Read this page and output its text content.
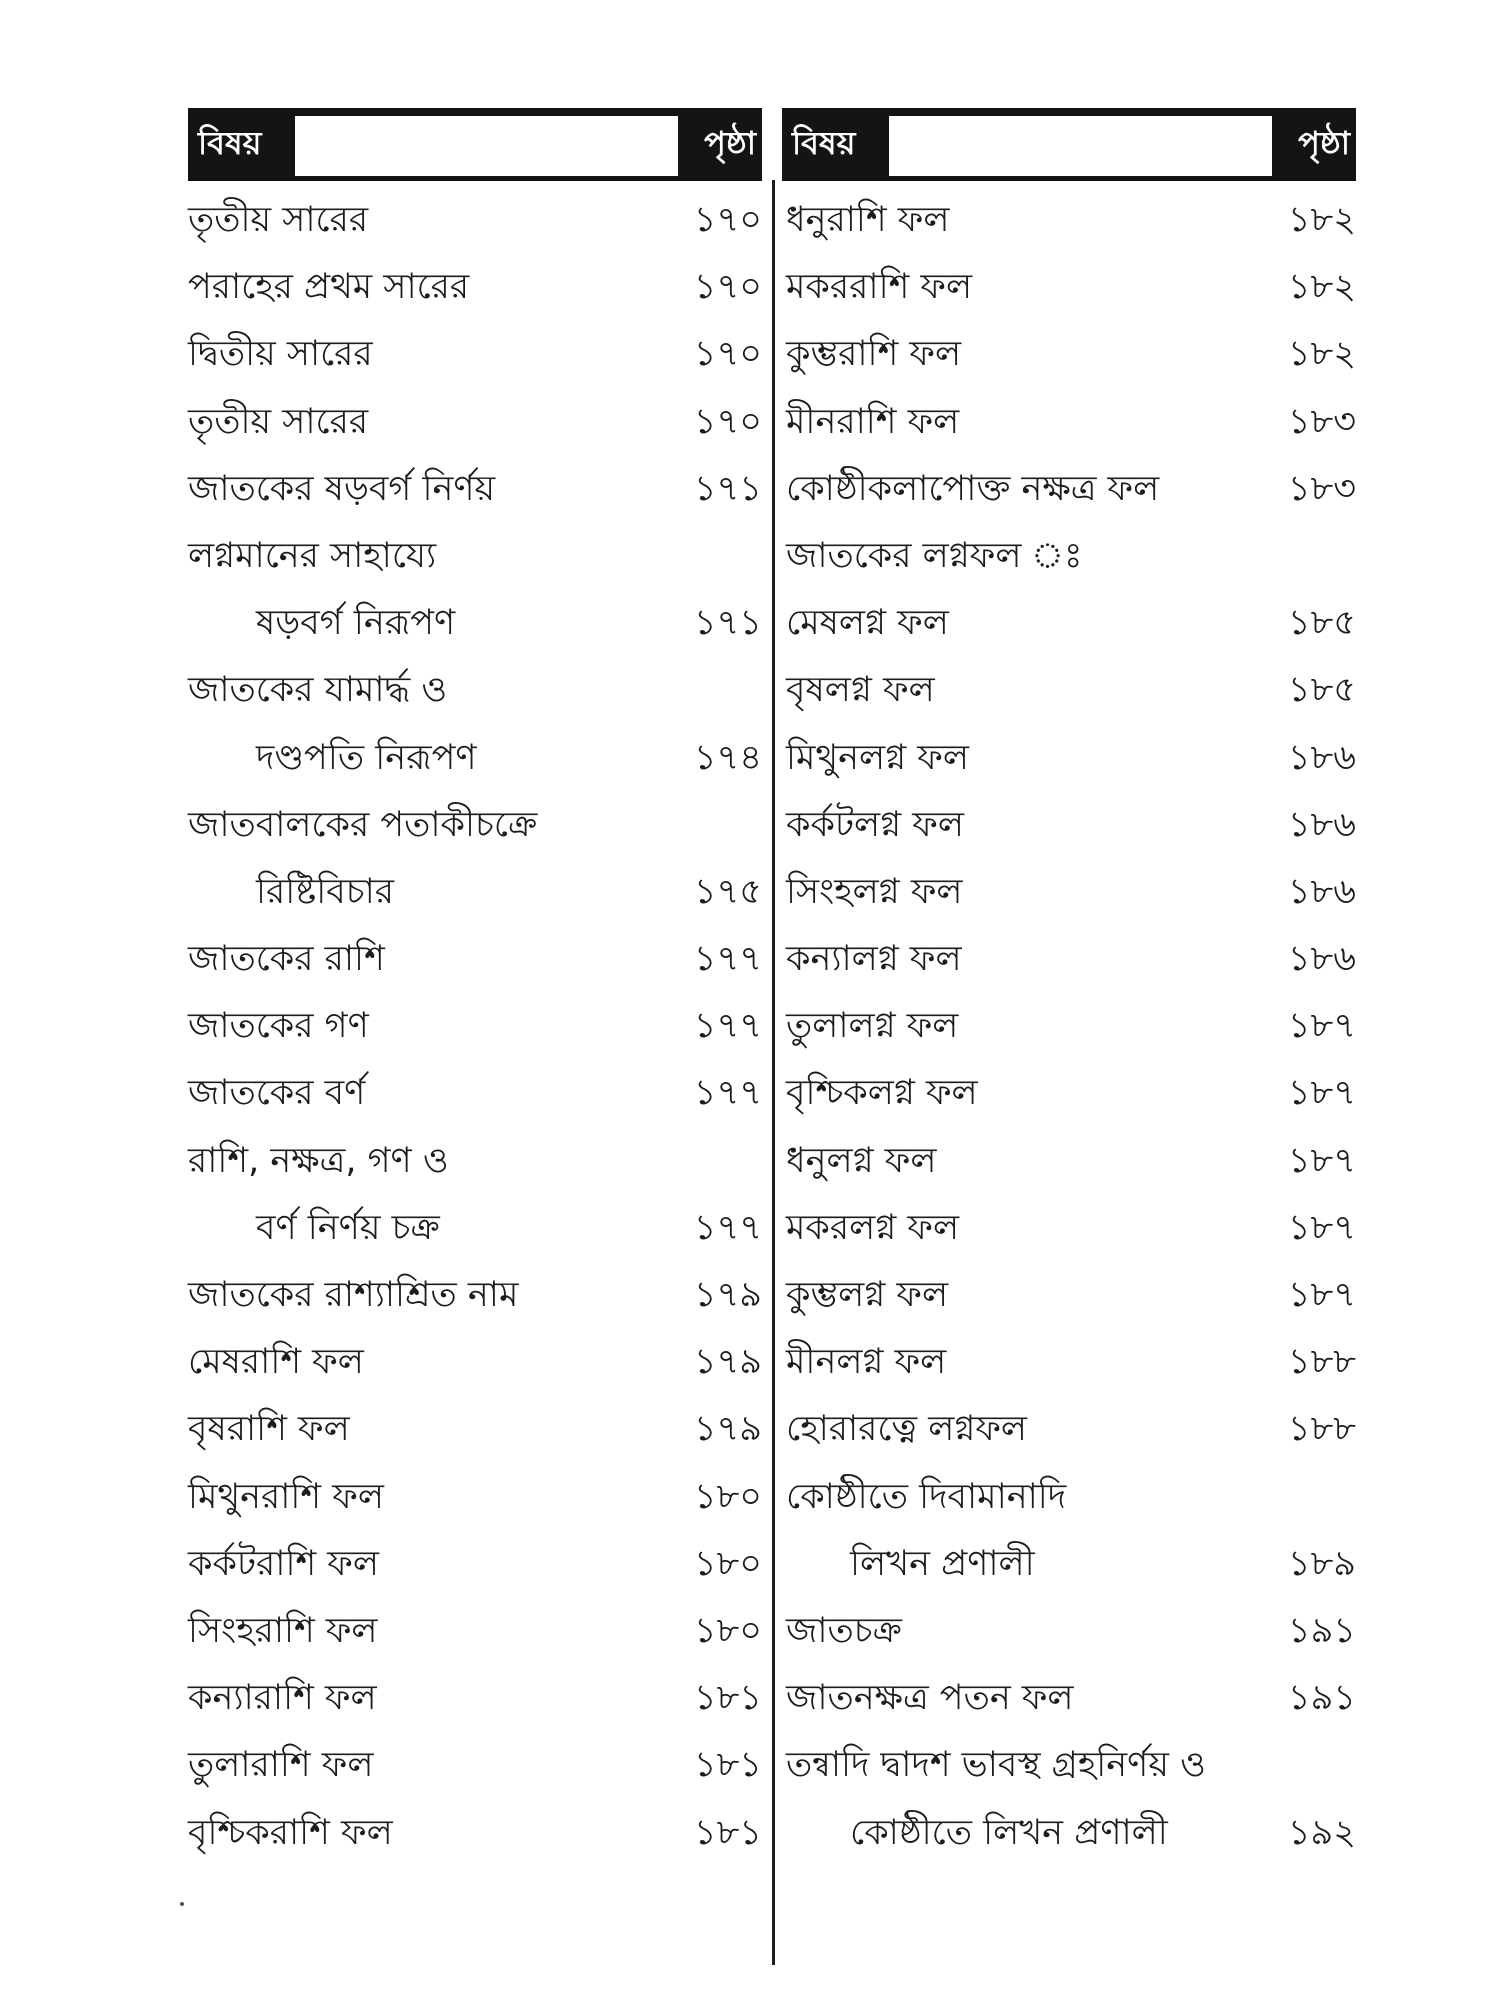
বিষয়	পৃষ্ঠা
তৃতীয় সারের	১৭০
পরাহের প্রথম সারের	১৭০
দ্বিতীয় সারের	১৭০
তৃতীয় সারের	১৭০
জাতকের ষড়বর্গ নির্ণয়	১৭১
লগ্নমানের সাহায্যে
ষড়বর্গ নিরূপণ	১৭১
জাতকের যামার্দ্ধ ও
দণ্ডপতি নিরূপণ	১৭৪
জাতবালকের পতাকীচক্রে
রিষ্টিবিচার	১৭৫
জাতকের রাশি	১৭৭
জাতকের গণ	১৭৭
জাতকের বর্ণ	১৭৭
রাশি, নক্ষত্র, গণ ও
বর্ণ নির্ণয় চক্র	১৭৭
জাতকের রাশ্যাশ্রিত নাম	১৭৯
মেষরাশি ফল	১৭৯
বৃষরাশি ফল	১৭৯
মিথুনরাশি ফল	১৮০
কর্কটরাশি ফল	১৮০
সিংহরাশি ফল	১৮০
কন্যারাশি ফল	১৮১
তুলারাশি ফল	১৮১
বৃশ্চিকরাশি ফল	১৮১
বিষয়	পৃষ্ঠা
ধনুরাশি ফল	১৮২
মকররাশি ফল	১৮২
কুম্ভরাশি ফল	১৮২
মীনরাশি ফল	১৮৩
কোষ্ঠীকলাপোক্ত নক্ষত্র ফল	১৮৩
জাতকের লগ্নফল ঃ
মেষলগ্ন ফল	১৮৫
বৃষলগ্ন ফল	১৮৫
মিথুনলগ্ন ফল	১৮৬
কর্কটলগ্ন ফল	১৮৬
সিংহলগ্ন ফল	১৮৬
কন্যালগ্ন ফল	১৮৬
তুলালগ্ন ফল	১৮৭
বৃশ্চিকলগ্ন ফল	১৮৭
ধনুলগ্ন ফল	১৮৭
মকরলগ্ন ফল	১৮৭
কুম্ভলগ্ন ফল	১৮৭
মীনলগ্ন ফল	১৮৮
হোরারত্নে লগ্নফল	১৮৮
কোষ্ঠীতে দিবামানাদি
লিখন প্রণালী	১৮৯
জাতচক্র	১৯১
জাতনক্ষত্র পতন ফল	১৯১
তন্বাদি দ্বাদশ ভাবস্থ গ্রহনির্ণয় ও
কোষ্ঠীতে লিখন প্রণালী	১৯২
